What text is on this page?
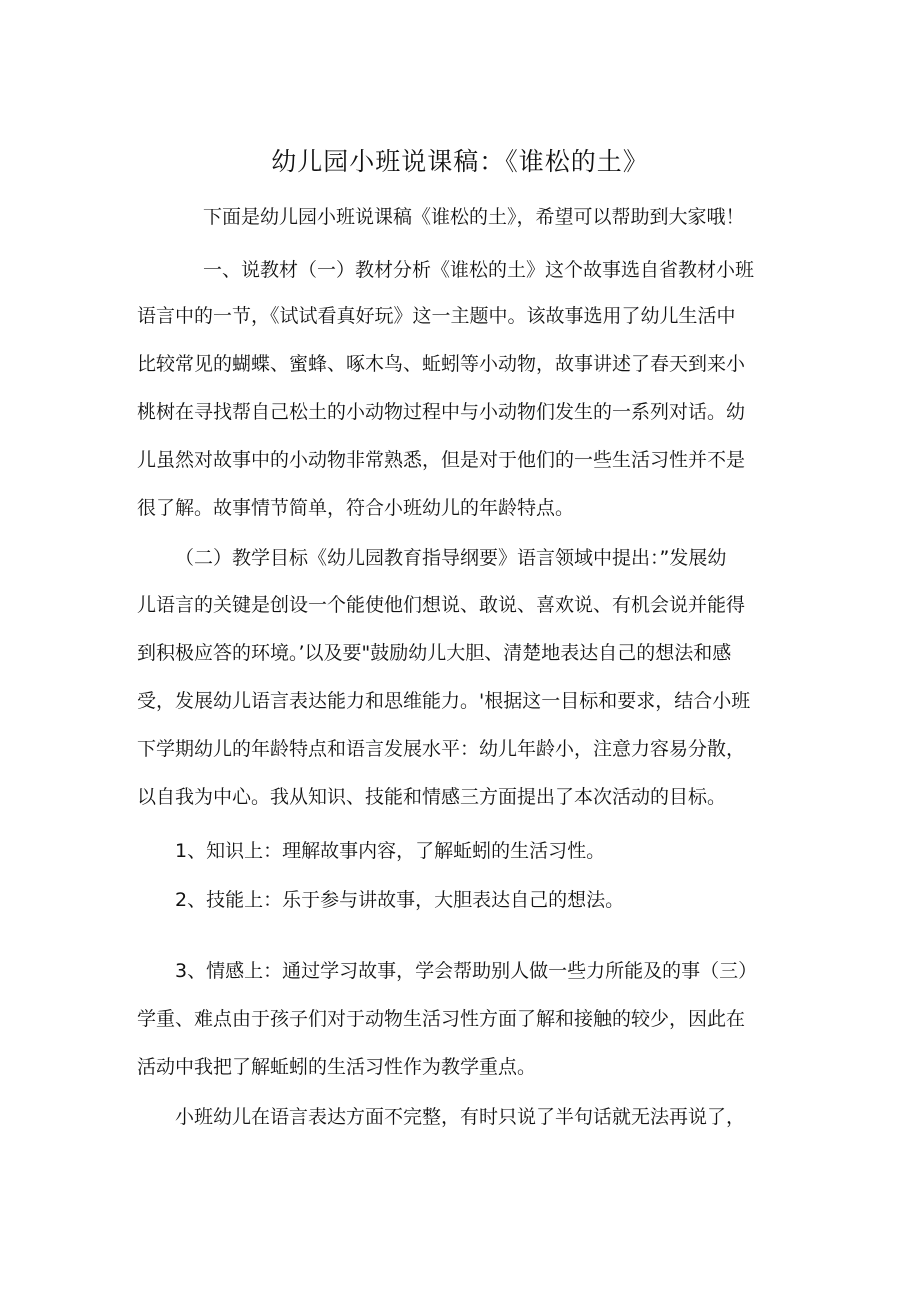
幼儿园小班说课稿：《谁松的土》
下面是幼儿园小班说课稿《谁松的土》，希望可以帮助到大家哦！
一、说教材（一）教材分析《谁松的土》这个故事选自省教材小班
语言中的一节，《试试看真好玩》这一主题中。该故事选用了幼儿生活中
比较常见的蝴蝶、蜜蜂、啄木鸟、蚯蚓等小动物，故事讲述了春天到来小
桃树在寻找帮自己松土的小动物过程中与小动物们发生的一系列对话。幼
儿虽然对故事中的小动物非常熟悉，但是对于他们的一些生活习性并不是
很了解。故事情节简单，符合小班幼儿的年龄特点。
（二）教学目标《幼儿园教育指导纲要》语言领域中提出：”发展幼
儿语言的关键是创设一个能使他们想说、敢说、喜欢说、有机会说并能得
到积极应答的环境。’以及要"鼓励幼儿大胆、清楚地表达自己的想法和感
受，发展幼儿语言表达能力和思维能力。'根据这一目标和要求，结合小班
下学期幼儿的年龄特点和语言发展水平：幼儿年龄小，注意力容易分散，
以自我为中心。我从知识、技能和情感三方面提出了本次活动的目标。
1、知识上：理解故事内容，了解蚯蚓的生活习性。
2、技能上：乐于参与讲故事，大胆表达自己的想法。
3、情感上：通过学习故事，学会帮助别人做一些力所能及的事（三）
学重、难点由于孩子们对于动物生活习性方面了解和接触的较少，因此在
活动中我把了解蚯蚓的生活习性作为教学重点。
小班幼儿在语言表达方面不完整，有时只说了半句话就无法再说了，
